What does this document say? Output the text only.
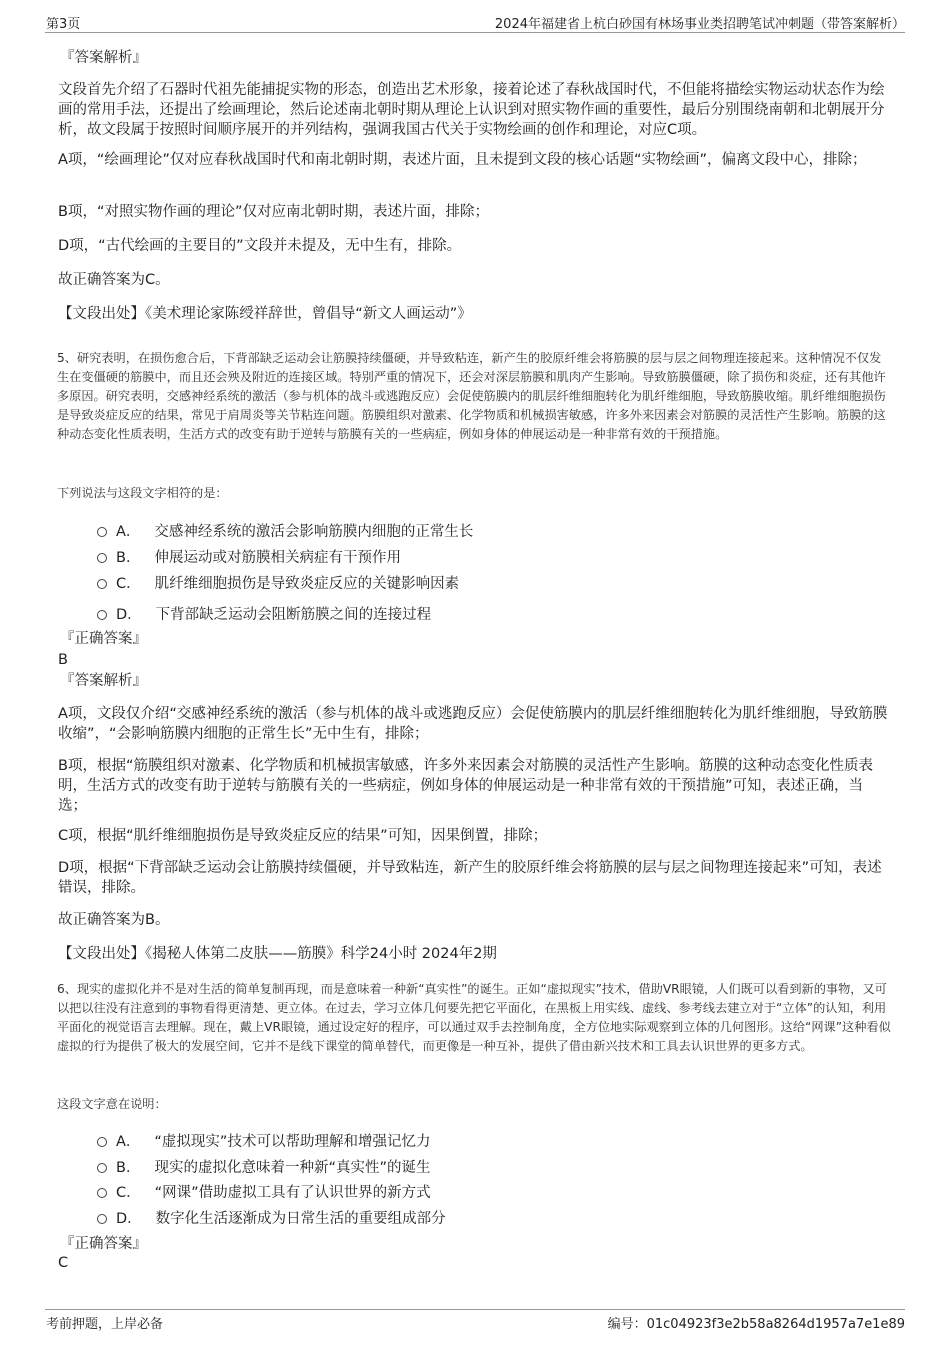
第3页	2024年福建省上杭白砂国有林场事业类招聘笔试冲刺题（带答案解析）
『答案解析』
文段首先介绍了石器时代祖先能捕捉实物的形态，创造出艺术形象，接着论述了春秋战国时代，不但能将描绘实物运动状态作为绘画的常用手法，还提出了绘画理论，然后论述南北朝时期从理论上认识到对照实物作画的重要性，最后分别围绕南朝和北朝展开分析，故文段属于按照时间顺序展开的并列结构，强调我国古代关于实物绘画的创作和理论，对应C项。
A项，“绘画理论”仅对应春秋战国时代和南北朝时期，表述片面，且未提到文段的核心话题“实物绘画”，偏离文段中心，排除；
B项，“对照实物作画的理论”仅对应南北朝时期，表述片面，排除；
D项，“古代绘画的主要目的”文段并未提及，无中生有，排除。
故正确答案为C。
【文段出处】《美术理论家陈绶祥辞世，曾倡导“新文人画运动”》
5、研究表明，在损伤愈合后，下背部缺乏运动会让筋膜持续僵硬，并导致粘连，新产生的胶原纤维会将筋膜的层与层之间物理连接起来。这种情况不仅发生在变僵硬的筋膜中，而且还会殃及附近的连接区域。特别严重的情况下，还会对深层筋膜和肌肉产生影响。导致筋膜僵硬，除了损伤和炎症，还有其他许多原因。研究表明，交感神经系统的激活（参与机体的战斗或逃跑反应）会促使筋膜内的肌层纤维细胞转化为肌纤维细胞，导致筋膜收缩。肌纤维细胞损伤是导致炎症反应的结果，常见于肩周炎等关节粘连问题。筋膜组织对激素、化学物质和机械损害敏感，许多外来因素会对筋膜的灵活性产生影响。筋膜的这种动态变化性质表明，生活方式的改变有助于逆转与筋膜有关的一些病症，例如身体的伸展运动是一种非常有效的干预措施。
下列说法与这段文字相符的是：
A． 交感神经系统的激活会影响筋膜内细胞的正常生长
B． 伸展运动或对筋膜相关病症有干预作用
C． 肌纤维细胞损伤是导致炎症反应的关键影响因素
D． 下背部缺乏运动会阻断筋膜之间的连接过程
『正确答案』
B
『答案解析』
A项，文段仅介绍“交感神经系统的激活（参与机体的战斗或逃跑反应）会促使筋膜内的肌层纤维细胞转化为肌纤维细胞，导致筋膜收缩”，“会影响筋膜内细胞的正常生长”无中生有，排除；
B项，根据“筋膜组织对激素、化学物质和机械损害敏感，许多外来因素会对筋膜的灵活性产生影响。筋膜的这种动态变化性质表明，生活方式的改变有助于逆转与筋膜有关的一些病症，例如身体的伸展运动是一种非常有效的干预措施”可知，表述正确，当选；
C项，根据“肌纤维细胞损伤是导致炎症反应的结果”可知，因果倒置，排除；
D项，根据“下背部缺乏运动会让筋膜持续僵硬，并导致粘连，新产生的胶原纤维会将筋膜的层与层之间物理连接起来”可知，表述错误，排除。
故正确答案为B。
【文段出处】《揭秘人体第二皮肤——筋膜》科学24小时 2024年2期
6、现实的虚拟化并不是对生活的简单复制再现，而是意味着一种新“真实性”的诞生。正如“虚拟现实”技术，借助VR眼镜，人们既可以看到新的事物，又可以把以往没有注意到的事物看得更清楚、更立体。在过去，学习立体几何要先把它平面化，在黑板上用实线、虚线、参考线去建立对于“立体”的认知，利用平面化的视觉语言去理解。现在，戴上VR眼镜，通过设定好的程序，可以通过双手去控制角度，全方位地实际观察到立体的几何图形。这给“网课”这种看似虚拟的行为提供了极大的发展空间，它并不是线下课堂的简单替代，而更像是一种互补，提供了借由新兴技术和工具去认识世界的更多方式。
这段文字意在说明：
A． “虚拟现实”技术可以帮助理解和增强记忆力
B． 现实的虚拟化意味着一种新“真实性”的诞生
C． “网课”借助虚拟工具有了认识世界的新方式
D． 数字化生活逐渐成为日常生活的重要组成部分
『正确答案』
C
考前押题，上岸必备	编号：01c04923f3e2b58a8264d1957a7e1e89
